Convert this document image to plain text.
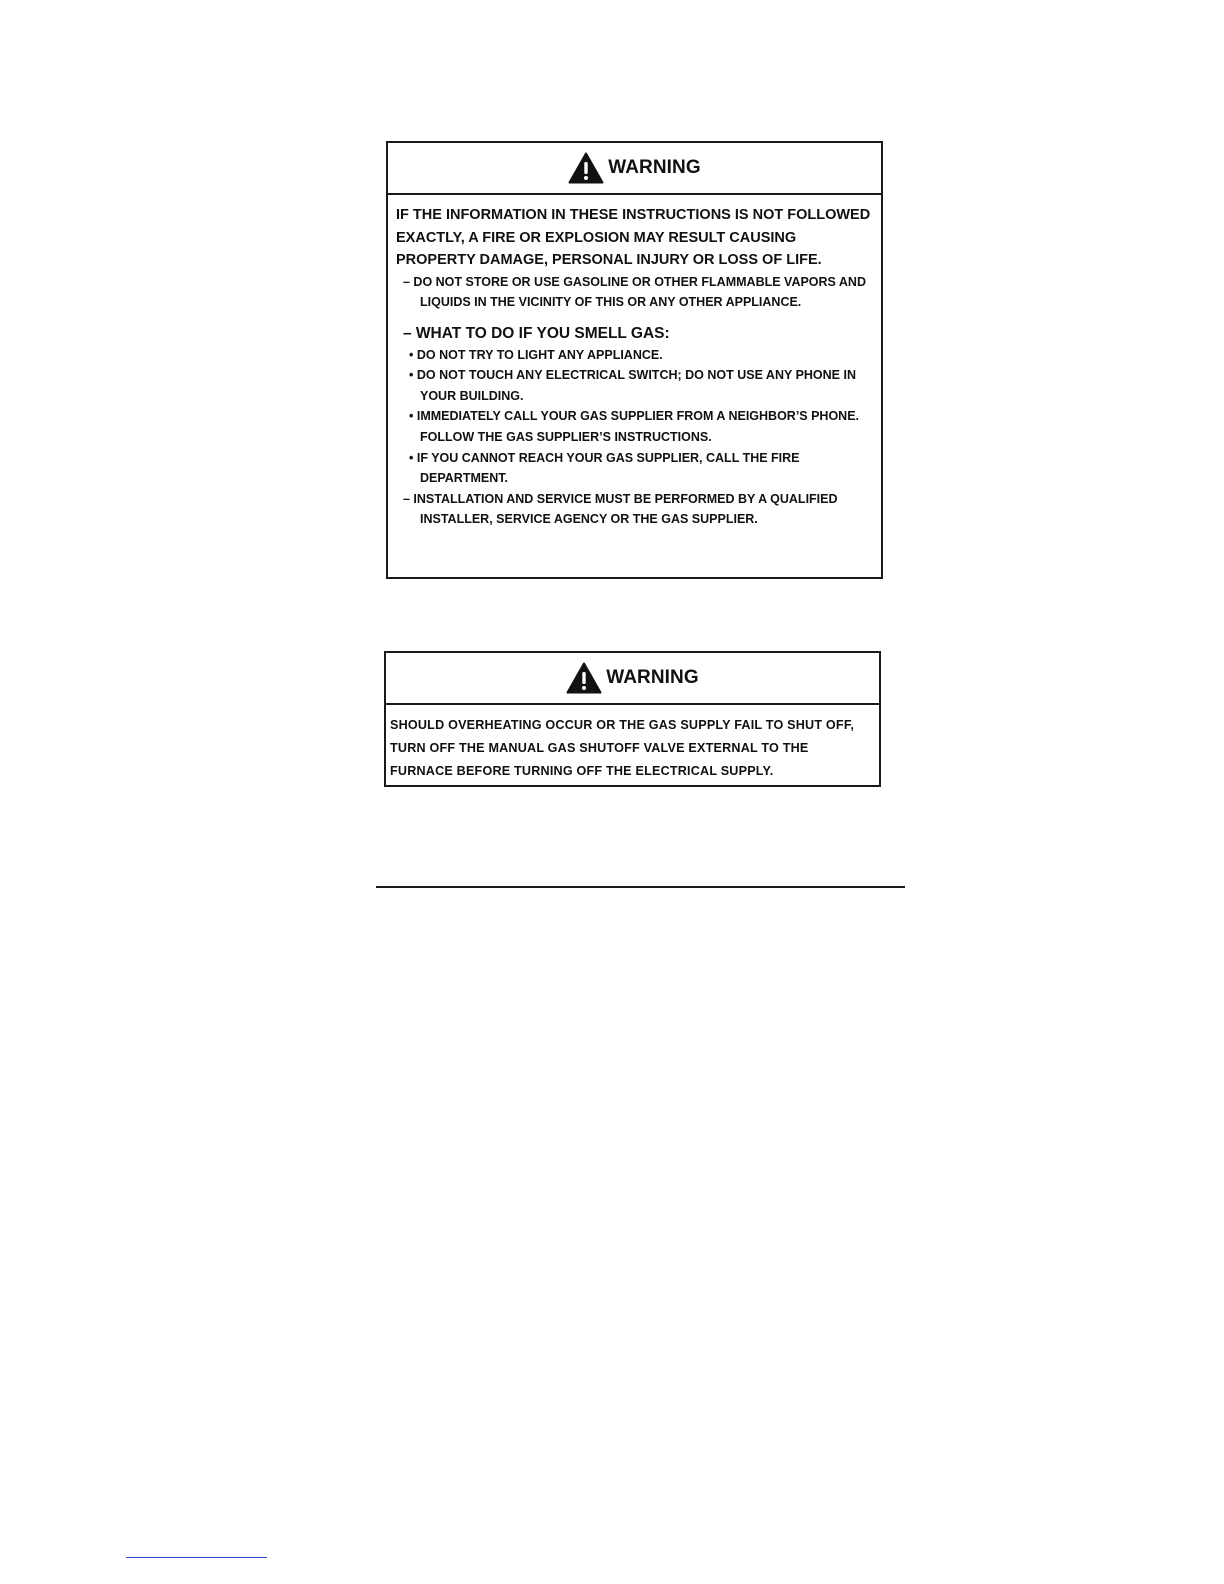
WARNING

IF THE INFORMATION IN THESE INSTRUCTIONS IS NOT FOLLOWED EXACTLY, A FIRE OR EXPLOSION MAY RESULT CAUSING PROPERTY DAMAGE, PERSONAL INJURY OR LOSS OF LIFE.

– DO NOT STORE OR USE GASOLINE OR OTHER FLAMMABLE VAPORS AND LIQUIDS IN THE VICINITY OF THIS OR ANY OTHER APPLIANCE.

– WHAT TO DO IF YOU SMELL GAS:

• DO NOT TRY TO LIGHT ANY APPLIANCE.

• DO NOT TOUCH ANY ELECTRICAL SWITCH; DO NOT USE ANY PHONE IN YOUR BUILDING.

• IMMEDIATELY CALL YOUR GAS SUPPLIER FROM A NEIGHBOR’S PHONE. FOLLOW THE GAS SUPPLIER’S INSTRUCTIONS.

• IF YOU CANNOT REACH YOUR GAS SUPPLIER, CALL THE FIRE DEPARTMENT.

– INSTALLATION AND SERVICE MUST BE PERFORMED BY A QUALIFIED INSTALLER, SERVICE AGENCY OR THE GAS SUPPLIER.

WARNING

SHOULD OVERHEATING OCCUR OR THE GAS SUPPLY FAIL TO SHUT OFF, TURN OFF THE MANUAL GAS SHUTOFF VALVE EXTERNAL TO THE FURNACE BEFORE TURNING OFF THE ELECTRICAL SUPPLY.
